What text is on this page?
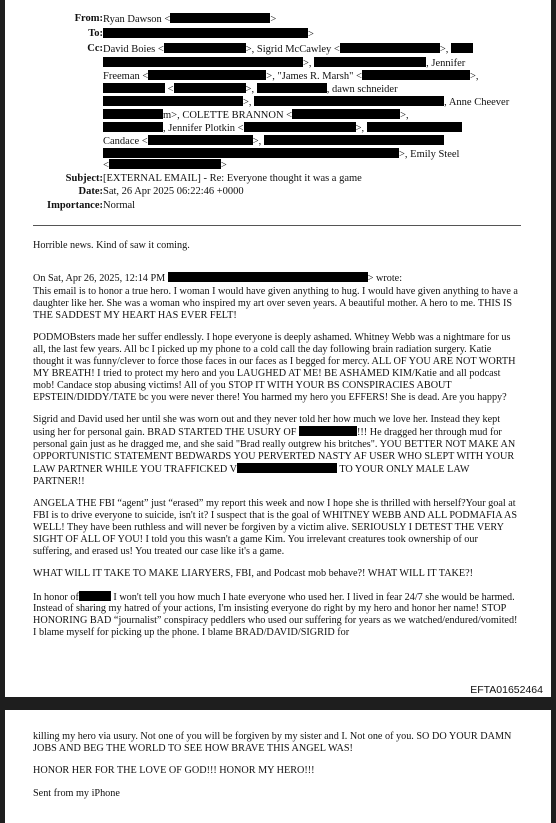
From: Ryan Dawson <	>
To:	>
Cc: David Boies <	>, Sigrid McCawley <	>,
>,	, Jennifer
Freeman <	>, "James R. Marsh" <	>,
<	>,	, dawn schneider
>,	, Anne Cheever
m>, COLETTE BRANNON <	>,
, Jennifer Plotkin <	>,
Candace <	>,
>, Emily Steel
<	>
Subject: [EXTERNAL EMAIL] - Re: Everyone thought it was a game
Date: Sat, 26 Apr 2025 06:22:46 +0000
Importance: Normal
Horrible news. Kind of saw it coming.
On Sat, Apr 26, 2025, 12:14 PM	> wrote:

This email is to honor a true hero. I woman I would have given anything to hug. I would have given anything to have a daughter like her. She was a woman who inspired my art over seven years. A beautiful mother. A hero to me. THIS IS THE SADDEST MY HEART HAS EVER FELT!

PODMOBsters made her suffer endlessly. I hope everyone is deeply ashamed. Whitney Webb was a nightmare for us all, the last few years. All bc I picked up my phone to a cold call the day following brain radiation surgery. Katie thought it was funny/clever to force those faces in our faces as I begged for mercy. ALL OF YOU ARE NOT WORTH MY BREATH! I tried to protect my hero and you LAUGHED AT ME! BE ASHAMED KIM/Katie and all podcast mob! Candace stop abusing victims! All of you STOP IT WITH YOUR BS CONSPIRACIES ABOUT EPSTEIN/DIDDY/TATE bc you were never there! You harmed my hero you EFFERS! She is dead. Are you happy?

Sigrid and David used her until she was worn out and they never told her how much we love her. Instead they kept using her for personal gain. BRAD STARTED THE USURY OF	!!! He dragged her through mud for personal gain just as he dragged me, and she said "Brad really outgrew his britches". YOU BETTER NOT MAKE AN OPPORTUNISTIC STATEMENT BEDWARDS YOU PERVERTED NASTY AF USER WHO SLEPT WITH YOUR LAW PARTNER WHILE YOU TRAFFICKED V	TO YOUR ONLY MALE LAW PARTNER!!

ANGELA THE FBI “agent” just “erased” my report this week and now I hope she is thrilled with herself?Your goal at FBI is to drive everyone to suicide, isn't it? I suspect that is the goal of WHITNEY WEBB AND ALL PODMAFIA AS WELL! They have been ruthless and will never be forgiven by a victim alive. SERIOUSLY I DETEST THE VERY SIGHT OF ALL OF YOU! I told you this wasn't a game Kim. You irrelevant creatures took ownership of our suffering, and erased us! You treated our case like it's a game.

WHAT WILL IT TAKE TO MAKE LIARYERS, FBI, and Podcast mob behave?! WHAT WILL IT TAKE?!

In honor of	I won't tell you how much I hate everyone who used her. I lived in fear 24/7 she would be harmed. Instead of sharing my hatred of your actions, I'm insisting everyone do right by my hero and honor her name! STOP HONORING BAD “journalist” conspiracy peddlers who used our suffering for years as we watched/endured/vomited! I blame myself for picking up the phone. I blame BRAD/DAVID/SIGRID for

EFTA01652464

killing my hero via usury. Not one of you will be forgiven by my sister and I. Not one of you. SO DO YOUR DAMN JOBS AND BEG THE WORLD TO SEE HOW BRAVE THIS ANGEL WAS!

HONOR HER FOR THE LOVE OF GOD!!! HONOR MY HERO!!!

Sent from my iPhone
